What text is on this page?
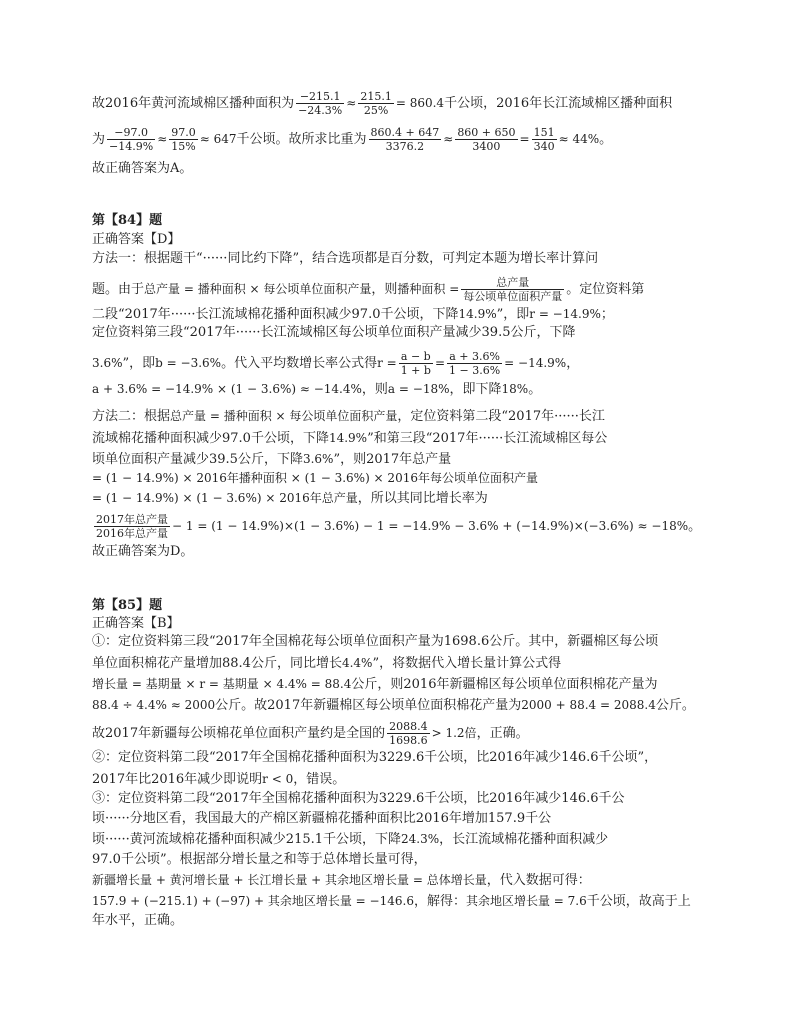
故2016年黄河流域棉区播种面积为 $\frac{-215.1}{-24.3\%} \approx \frac{215.1}{25\%} = 860.4$千公顷，2016年长江流域棉区播种面积
为 $\frac{-97.0}{-14.9\%} \approx \frac{97.0}{15\%} \approx 647$千公顷。故所求比重为 $\frac{860.4 + 647}{3376.2} \approx \frac{860 + 650}{3400} = \frac{151}{340} \approx 44\%$。
故正确答案为A。
第【84】题
正确答案【D】
方法一：根据题干“······同比约下降”，结合选项都是百分数，可判定本题为增长率计算问
题。由于总产量 = 播种面积 × 每公顷单位面积产量，则播种面积 = $\frac{\text{总产量}}{\text{每公顷单位面积产量}}$ 。定位资料第
二段“2017年······长江流域棉花播种面积减少97.0千公顷，下降14.9%”，即r = −14.9%；
定位资料第三段“2017年······长江流域棉区每公顷单位面积产量减少39.5公斤，下降
3.6%”，即b = −3.6%。代入平均数增长率公式得$r = \frac{a - b}{1 + b} = \frac{a + 3.6\%}{1 - 3.6\%} = -14.9\%$，
a + 3.6% = −14.9% × (1 − 3.6%) ≈ −14.4%，则a = −18%，即下降18%。
方法二：根据总产量 = 播种面积 × 每公顷单位面积产量，定位资料第二段“2017年······长江
流域棉花播种面积减少97.0千公顷，下降14.9%”和第三段“2017年······长江流域棉区每公
顷单位面积产量减少39.5公斤，下降3.6%”，则2017年总产量
= (1 − 14.9%) × 2016年播种面积 × (1 − 3.6%) × 2016年每公顷单位面积产量
= (1 − 14.9%) × (1 − 3.6%) × 2016年总产量，所以其同比增长率为
$\frac{\text{2017年总产量}}{\text{2016年总产量}} - 1 = (1 - 14.9\%)\times(1 - 3.6\%) - 1 = -14.9\% - 3.6\% + (-14.9\%)\times(-3.6\%) \approx -18\%$。
故正确答案为D。
第【85】题
正确答案【B】
①：定位资料第三段“2017年全国棉花每公顷单位面积产量为1698.6公斤。其中，新疆棉区每公顷
单位面积棉花产量增加88.4公斤，同比增长4.4%”，将数据代入增长量计算公式得
增长量 = 基期量 × r = 基期量 × 4.4% = 88.4公斤，则2016年新疆棉区每公顷单位面积棉花产量为
88.4 ÷ 4.4% ≈ 2000公斤。故2017年新疆棉区每公顷单位面积棉花产量为2000 + 88.4 = 2088.4公斤。
故2017年新疆每公顷棉花单位面积产量约是全国的 $\frac{2088.4}{1698.6} > 1.2$倍，正确。
②：定位资料第二段“2017年全国棉花播种面积为3229.6千公顷，比2016年减少146.6千公顷”，
2017年比2016年减少即说明r < 0，错误。
③：定位资料第二段“2017年全国棉花播种面积为3229.6千公顷，比2016年减少146.6千公
顷······分地区看，我国最大的产棉区新疆棉花播种面积比2016年增加157.9千公
顷······黄河流域棉花播种面积减少215.1千公顷，下降24.3%，长江流域棉花播种面积减少
97.0千公顷”。根据部分增长量之和等于总体增长量可得，
新疆增长量 + 黄河增长量 + 长江增长量 + 其余地区增长量 = 总体增长量，代入数据可得：
157.9 + (−215.1) + (−97) + 其余地区增长量 = −146.6，解得：其余地区增长量 = 7.6千公顷，故高于上
年水平，正确。
